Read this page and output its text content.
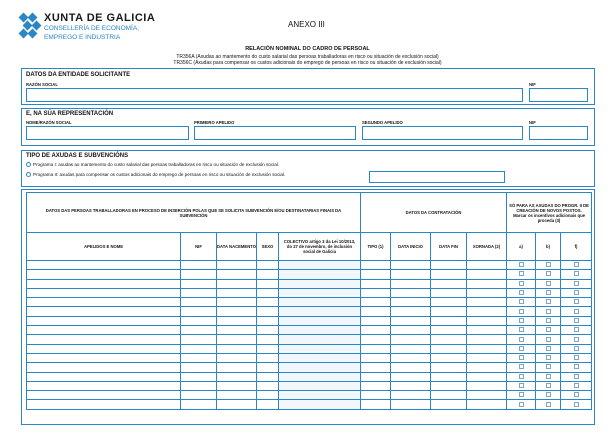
XUNTA DE GALICIA
CONSELLERÍA DE ECONOMÍA,
EMPREGO E INDUSTRIA
ANEXO III
RELACIÓN NOMINAL DO CADRO DE PERSOAL
TR356A (Axudas ao mantemento do custo salarial das persoas traballadoras en risco ou situación de exclusión social)
TR356C (Axudas para compensar os custos adicionais do emprego de persoas en risco ou situación de exclusión social)
DATOS DA ENTIDADE SOLICITANTE
RAZÓN SOCIAL	NIF
E, NA SÚA REPRESENTACIÓN
NOME/RAZÓN SOCIAL	PRIMEIRO APELIDO	SEGUNDO APELIDO	NIF
TIPO DE AXUDAS E SUBVENCIÓNS
Programa I: axudas ao mantemento do custo salarial das persoas traballadoras en risco ou situación de exclusión social.
Programa II: axudas para compensar os custos adicionais do emprego de persoas en risco ou situación de exclusión social.
DATOS DAS PERSOAS TRABALLADORAS EN PROCESO DE INSERCIÓN POLAS QUE SE SOLICITA SUBVENCIÓN E/OU DESTINATARIAS FINAIS DA SUBVENCIÓN					DATOS DA CONTRATACIÓN				SÓ PARA AS AXUDAS DO PROGR. II DE CREACIÓN DE NOVOS POSTOS. Marcar os incentivos adicionais que proceda (3)		
APELIDOS E NOME	NIF	DATA NACEMENTO	SEXO	COLECTIVO artigo 3 da Lei 10/2013, do 27 de novembro, de inclusión social de Galicia	TIPO (1)	DATA INICIO	DATA FIN	XORNADA (2)	a)	b)	f)
